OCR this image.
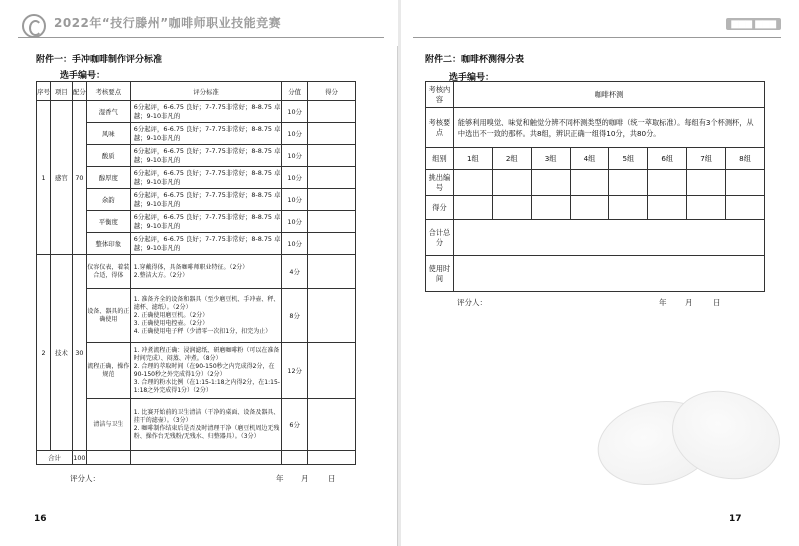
2022年“技行滕州”咖啡师职业技能竞赛
附件一：手冲咖啡制作评分标准
选手编号：
序号	项目	配分	考核要点	评分标准	分值	得分
1	感官	70	湿香气	6分起评，6-6.75 良好；7-7.75非常好；8-8.75 卓越；9-10非凡的	10分	
			风味	6分起评，6-6.75 良好；7-7.75非常好；8-8.75 卓越；9-10非凡的	10分	
			酸质	6分起评，6-6.75 良好；7-7.75非常好；8-8.75 卓越；9-10非凡的	10分	
			醇厚度	6分起评，6-6.75 良好；7-7.75非常好；8-8.75 卓越；9-10非凡的	10分	
			余韵	6分起评，6-6.75 良好；7-7.75非常好；8-8.75 卓越；9-10非凡的	10分	
			平衡度	6分起评，6-6.75 良好；7-7.75非常好；8-8.75 卓越；9-10非凡的	10分	
			整体印象	6分起评，6-6.75 良好；7-7.75非常好；8-8.75 卓越；9-10非凡的	10分	
2	技术	30	仪容仪表，着装合适，得体	1.穿戴得体，具备咖啡师职业特征。（2分）
2.整洁大方。（2分）	4分	
			设备、器具的正确使用	1. 准备齐全的设备和器具（至少磨豆机、手冲壶、秤、滤杯、滤纸）。（2分）
2. 正确使用磨豆机。（2分）
3. 正确使用电控壶。（2分）
4. 正确使用电子秤（少清零一次扣1分，扣完为止）	8分	
			流程正确，操作规范	1. 冲煮流程正确：浸润滤纸、研磨咖啡粉（可以在准备时间完成）、闷蒸、冲煮。（8分）
2. 合理的萃取时间（在90-150秒之内完成得2分，在90-150秒之外完成得1分）（2分）
3. 合理的粉水比例（在1:15-1:18之内得2分，在1:15-1:18之外完成得1分）（2分）	12分	
			清洁与卫生	1. 比赛开始前的卫生清洁（干净的桌面、设备及器具、挂干的滤壶）。（3分）
2. 咖啡制作结束后是否及时清理干净（磨豆机周边无残粉、操作台无残粉/无残水、归整器具）。（3分）	6分	
合计		100				
评分人：	年 月	日
16
▆▆▆ ▆▆▆
附件二：咖啡杯测得分表
选手编号：
考核内容	咖啡杯测							
考核要点	能够利用嗅觉、味觉和触觉分辨不同杯测类型的咖啡（统一萃取标准）。每组有3个杯测杯，从中选出不一致的那杯。共8组，辨识正确一组得10分，共80分。							
组别	1组	2组	3组	4组	5组	6组	7组	8组
挑出编号								
得分								
合计总分								
使用时间								
评分人：	年 月	日
17
